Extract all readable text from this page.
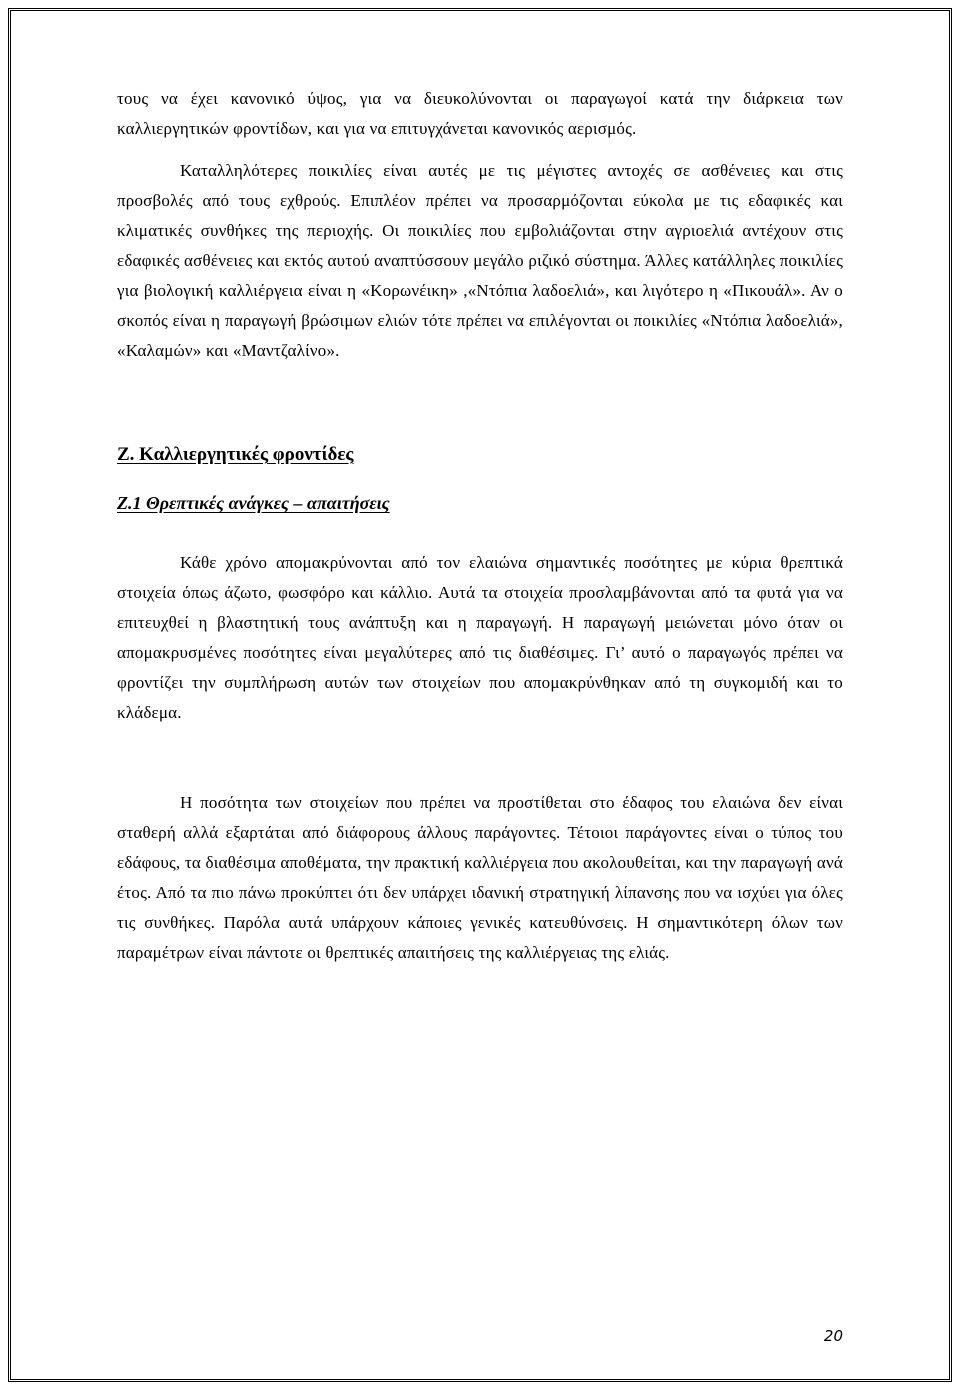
τους να έχει κανονικό ύψος, για να διευκολύνονται οι παραγωγοί κατά την διάρκεια των καλλιεργητικών φροντίδων, και για να επιτυγχάνεται κανονικός αερισμός.

Καταλληλότερες ποικιλίες είναι αυτές με τις μέγιστες αντοχές σε ασθένειες και στις προσβολές από τους εχθρούς. Επιπλέον πρέπει να προσαρμόζονται εύκολα με τις εδαφικές και κλιματικές συνθήκες της περιοχής. Οι ποικιλίες που εμβολιάζονται στην αγριοελιά αντέχουν στις εδαφικές ασθένειες και εκτός αυτού αναπτύσσουν μεγάλο ριζικό σύστημα. Άλλες κατάλληλες ποικιλίες για βιολογική καλλιέργεια είναι η «Κορωνέικη» ,«Ντόπια λαδοελιά», και λιγότερο η «Πικουάλ». Αν ο σκοπός είναι η παραγωγή βρώσιμων ελιών τότε πρέπει να επιλέγονται οι ποικιλίες «Ντόπια λαδοελιά», «Καλαμών» και «Μαντζαλίνο».

Ζ. Καλλιεργητικές φροντίδες
Ζ.1 Θρεπτικές ανάγκες – απαιτήσεις

Κάθε χρόνο απομακρύνονται από τον ελαιώνα σημαντικές ποσότητες με κύρια θρεπτικά στοιχεία όπως άζωτο, φωσφόρο και κάλλιο. Αυτά τα στοιχεία προσλαμβάνονται από τα φυτά για να επιτευχθεί η βλαστητική τους ανάπτυξη και η παραγωγή. Η παραγωγή μειώνεται μόνο όταν οι απομακρυσμένες ποσότητες είναι μεγαλύτερες από τις διαθέσιμες. Γι’ αυτό ο παραγωγός πρέπει να φροντίζει την συμπλήρωση αυτών των στοιχείων που απομακρύνθηκαν από τη συγκομιδή και το κλάδεμα.

Η ποσότητα των στοιχείων που πρέπει να προστίθεται στο έδαφος του ελαιώνα δεν είναι σταθερή αλλά εξαρτάται από διάφορους άλλους παράγοντες. Τέτοιοι παράγοντες είναι ο τύπος του εδάφους, τα διαθέσιμα αποθέματα, την πρακτική καλλιέργεια που ακολουθείται, και την παραγωγή ανά έτος. Από τα πιο πάνω προκύπτει ότι δεν υπάρχει ιδανική στρατηγική λίπανσης που να ισχύει για όλες τις συνθήκες. Παρόλα αυτά υπάρχουν κάποιες γενικές κατευθύνσεις. Η σημαντικότερη όλων των παραμέτρων είναι πάντοτε οι θρεπτικές απαιτήσεις της καλλιέργειας της ελιάς.

20
